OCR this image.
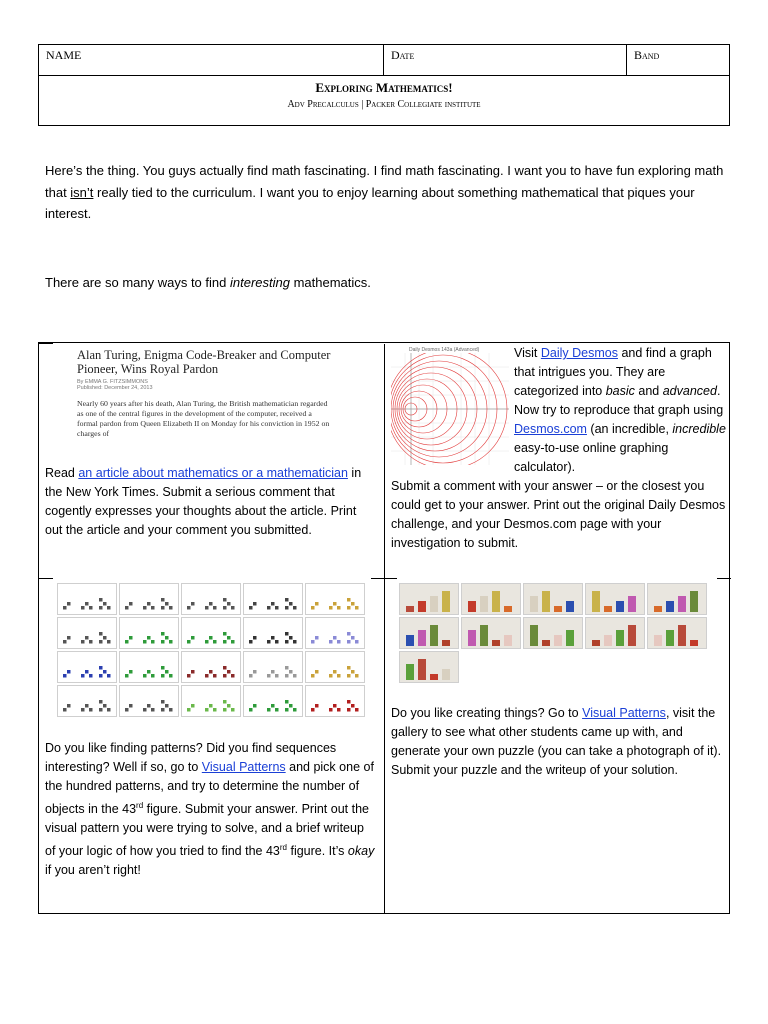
NAME	Date	Band
Exploring Mathematics!
Adv Precalculus | Packer Collegiate institute

Here’s the thing. You guys actually find math fascinating. I find math fascinating. I want you to have fun exploring math that isn’t really tied to the curriculum. I want you to enjoy learning about something mathematical that piques your interest.

There are so many ways to find interesting mathematics.

Alan Turing, Enigma Code-Breaker and Computer Pioneer, Wins Royal Pardon
By EMMA G. FITZSIMMONS
Published: December 24, 2013
Nearly 60 years after his death, Alan Turing, the British mathematician regarded as one of the central figures in the development of the computer, received a formal pardon from Queen Elizabeth II on Monday for his conviction in 1952 on charges of

Read an article about mathematics or a mathematician in the New York Times. Submit a serious comment that cogently expresses your thoughts about the article. Print out the article and your comment you submitted.

Daily Desmos 143a (Advanced)	Visit Daily Desmos and find a graph that intrigues you. They are categorized into basic and advanced. Now try to reproduce that graph using Desmos.com (an incredible, incredible easy-to-use online graphing calculator).

Submit a comment with your answer – or the closest you could get to your answer. Print out the original Daily Desmos challenge, and your Desmos.com page with your investigation to submit.

Do you like finding patterns? Did you find sequences interesting? Well if so, go to Visual Patterns and pick one of the hundred patterns, and try to determine the number of objects in the 43rd figure. Submit your answer. Print out the visual pattern you were trying to solve, and a brief writeup of your logic of how you tried to find the 43rd figure. It’s okay if you aren’t right!

Do you like creating things? Go to Visual Patterns, visit the gallery to see what other students came up with, and generate your own puzzle (you can take a photograph of it). Submit your puzzle and the writeup of your solution.
